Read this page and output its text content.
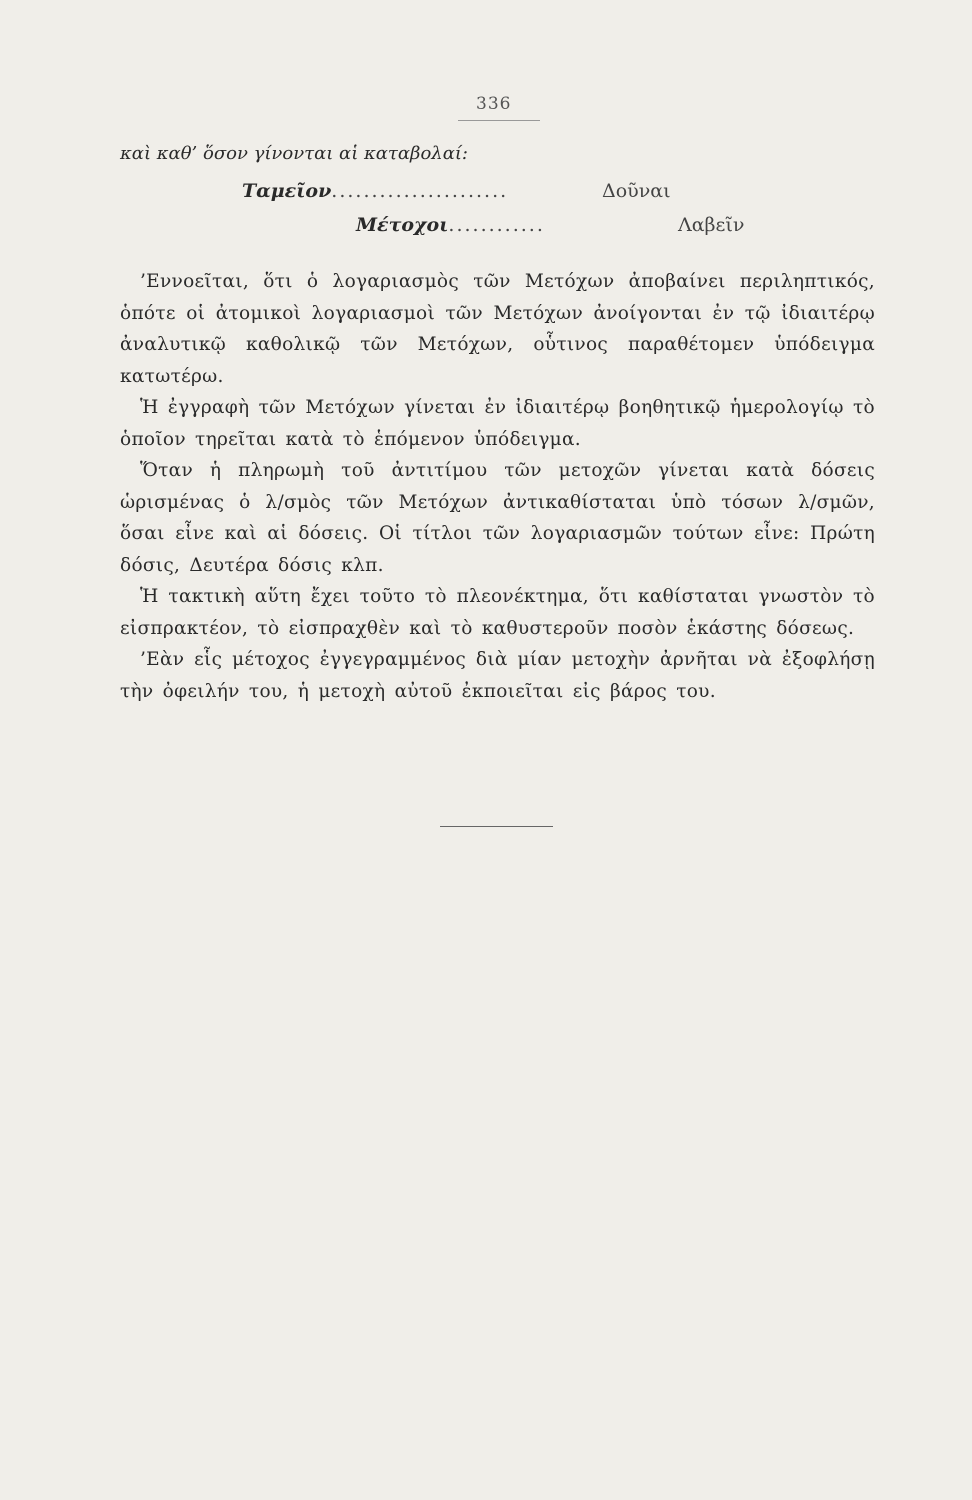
336
καὶ καθ’ ὅσον γίνονται αἱ καταβολαί:
Ταμεῖον......................	Δοῦναι
Μέτοχοι............	Λαβεῖν

’Εννοεῖται, ὅτι ὁ λογαριασμὸς τῶν Μετόχων ἀποβαίνει περιληπτικός, ὁπότε οἱ ἀτομικοὶ λογαριασμοὶ τῶν Μετόχων ἀνοίγονται ἐν τῷ ἰδιαιτέρῳ ἀναλυτικῷ καθολικῷ τῶν Μετόχων, οὗτινος παραθέτομεν ὑπόδειγμα κατωτέρω.

Ἡ ἐγγραφὴ τῶν Μετόχων γίνεται ἐν ἰδιαιτέρῳ βοηθητικῷ ἡμερολογίῳ τὸ ὁποῖον τηρεῖται κατὰ τὸ ἑπόμενον ὑπόδειγμα.

Ὅταν ἡ πληρωμὴ τοῦ ἀντιτίμου τῶν μετοχῶν γίνεται κατὰ δόσεις ὡρισμένας ὁ λ/σμὸς τῶν Μετόχων ἀντικαθίσταται ὑπὸ τόσων λ/σμῶν, ὅσαι εἶνε καὶ αἱ δόσεις. Οἱ τίτλοι τῶν λογαριασμῶν τούτων εἶνε: Πρώτη δόσις, Δευτέρα δόσις κλπ.

Ἡ τακτικὴ αὕτη ἔχει τοῦτο τὸ πλεονέκτημα, ὅτι καθίσταται γνωστὸν τὸ εἰσπρακτέον, τὸ εἰσπραχθὲν καὶ τὸ καθυστεροῦν ποσὸν ἑκάστης δόσεως.

’Εὰν εἷς μέτοχος ἐγγεγραμμένος διὰ μίαν μετοχὴν ἀρνῆται νὰ ἐξοφλήσῃ τὴν ὀφειλήν του, ἡ μετοχὴ αὐτοῦ ἐκποιεῖται εἰς βάρος του.
